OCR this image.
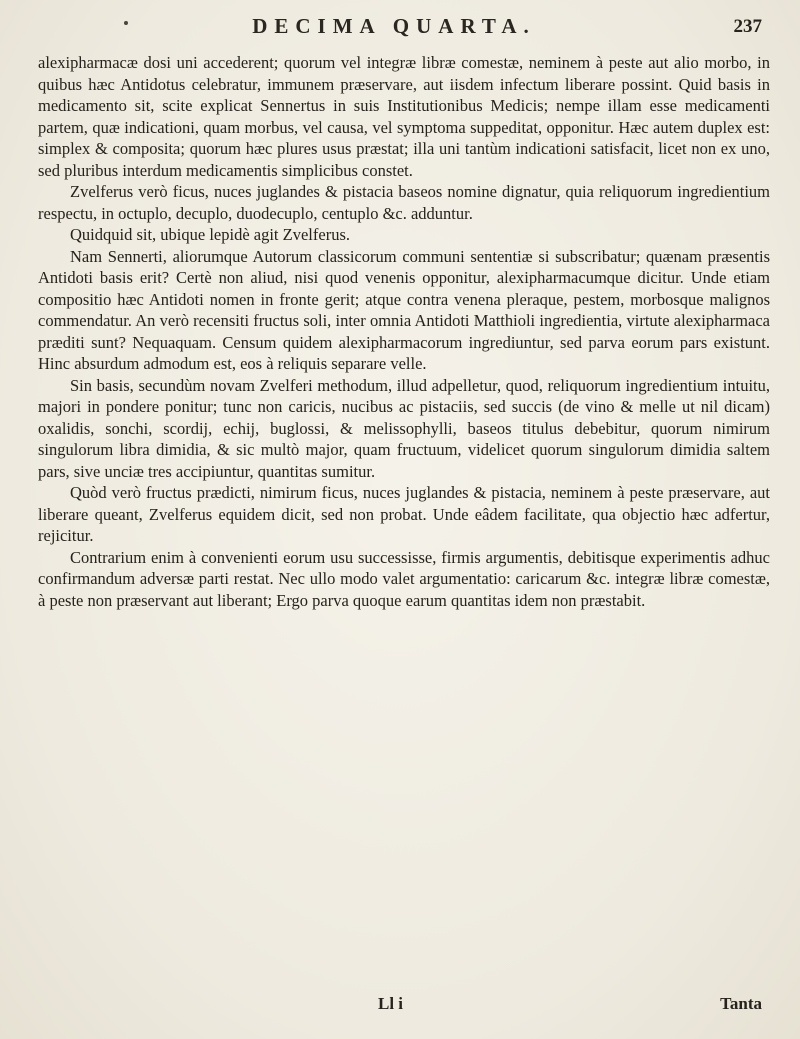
DECIMA QUARTA.	237

alexipharmacæ dosi uni accederent; quorum vel integræ libræ comestæ, neminem à peste aut alio morbo, in quibus hæc Antidotus celebratur, immunem præservare, aut iisdem infectum liberare possint. Quid basis in medicamento sit, scite explicat Sennertus in suis Institutionibus Medicis; nempe illam esse medicamenti partem, quæ indicationi, quam morbus, vel causa, vel symptoma suppeditat, opponitur. Hæc autem duplex est: simplex & composita; quorum hæc plures usus præstat; illa uni tantùm indicationi satisfacit, licet non ex uno, sed pluribus interdum medicamentis simplicibus constet.

Zvelferus verò ficus, nuces juglandes & pistacia baseos nomine dignatur, quia reliquorum ingredientium respectu, in octuplo, decuplo, duodecuplo, centuplo &c. adduntur.

Quidquid sit, ubique lepidè agit Zvelferus.

Nam Sennerti, aliorumque Autorum classicorum communi sententiæ si subscribatur; quænam præsentis Antidoti basis erit? Certè non aliud, nisi quod venenis opponitur, alexipharmacumque dicitur. Unde etiam compositio hæc Antidoti nomen in fronte gerit; atque contra venena pleraque, pestem, morbosque malignos commendatur. An verò recensiti fructus soli, inter omnia Antidoti Matthioli ingredientia, virtute alexipharmaca præditi sunt? Nequaquam. Censum quidem alexipharmacorum ingrediuntur, sed parva eorum pars existunt. Hinc absurdum admodum est, eos à reliquis separare velle.

Sin basis, secundùm novam Zvelferi methodum, illud adpelletur, quod, reliquorum ingredientium intuitu, majori in pondere ponitur; tunc non caricis, nucibus ac pistaciis, sed succis (de vino & melle ut nil dicam) oxalidis, sonchi, scordij, echij, buglossi, & melissophylli, baseos titulus debebitur, quorum nimirum singulorum libra dimidia, & sic multò major, quam fructuum, videlicet quorum singulorum dimidia saltem pars, sive unciæ tres accipiuntur, quantitas sumitur.

Quòd verò fructus prædicti, nimirum ficus, nuces juglandes & pistacia, neminem à peste præservare, aut liberare queant, Zvelferus equidem dicit, sed non probat. Unde eâdem facilitate, qua objectio hæc adfertur, rejicitur.

Contrarium enim à convenienti eorum usu successisse, firmis argumentis, debitisque experimentis adhuc confirmandum adversæ parti restat. Nec ullo modo valet argumentatio: caricarum &c. integræ libræ comestæ, à peste non præservant aut liberant; Ergo parva quoque earum quantitas idem non præstabit.

Ll i	Tanta
